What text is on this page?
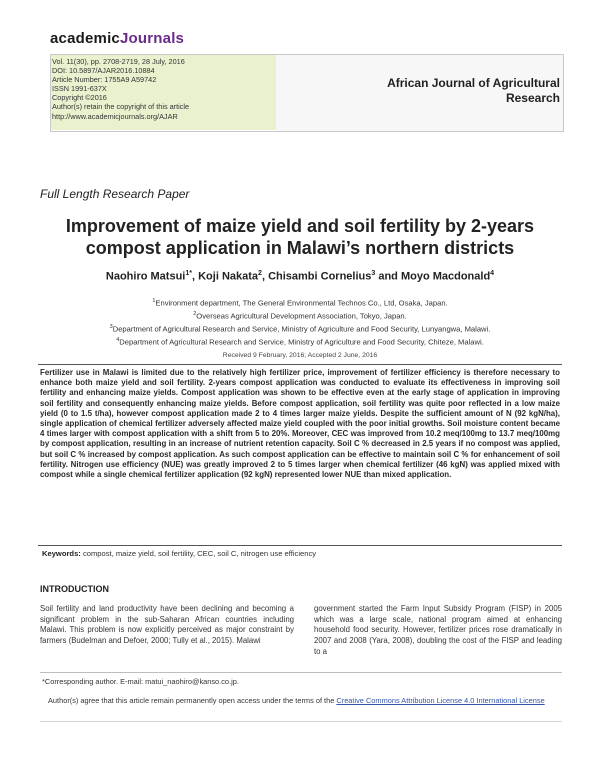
academicJournals
Vol. 11(30), pp. 2708-2719, 28 July, 2016
DOI: 10.5897/AJAR2016.10884
Article Number: 1755A9 A59742
ISSN 1991-637X
Copyright ©2016
Author(s) retain the copyright of this article
http://www.academicjournals.org/AJAR
African Journal of Agricultural
Research
Full Length Research Paper
Improvement of maize yield and soil fertility by 2-years
compost application in Malawi’s northern districts
Naohiro Matsui$^{1*}$, Koji Nakata$^2$, Chisambi Cornelius$^3$ and Moyo Macdonald$^4$
$^1$Environment department, The General Environmental Technos Co., Ltd, Osaka, Japan.
$^2$Overseas Agricultural Development Association, Tokyo, Japan.
$^3$Department of Agricultural Research and Service, Ministry of Agriculture and Food Security, Lunyangwa, Malawi.
$^4$Department of Agricultural Research and Service, Ministry of Agriculture and Food Security, Chiteze, Malawi.
Received 9 February, 2016; Accepted 2 June, 2016
Fertilizer use in Malawi is limited due to the relatively high fertilizer price, improvement of fertilizer efficiency is therefore necessary to enhance both maize yield and soil fertility. 2-years compost application was conducted to evaluate its effectiveness in improving soil fertility and enhancing maize yields. Compost application was shown to be effective even at the early stage of application in improving soil fertility and consequently enhancing maize yields. Before compost application, soil fertility was quite poor reflected in a low maize yield (0 to 1.5 t/ha), however compost application made 2 to 4 times larger maize yields. Despite the sufficient amount of N (92 kgN/ha), single application of chemical fertilizer adversely affected maize yield coupled with the poor initial growths. Soil moisture content became 4 times larger with compost application with a shift from 5 to 20%. Moreover, CEC was improved from 10.2 meq/100mg to 13.7 meq/100mg by compost application, resulting in an increase of nutrient retention capacity. Soil C % decreased in 2.5 years if no compost was applied, but soil C % increased by compost application. As such compost application can be effective to maintain soil C % for enhancement of soil fertility. Nitrogen use efficiency (NUE) was greatly improved 2 to 5 times larger when chemical fertilizer (46 kgN) was applied mixed with compost while a single chemical fertilizer application (92 kgN) represented lower NUE than mixed application.
Keywords: compost, maize yield, soil fertility, CEC, soil C, nitrogen use efficiency
INTRODUCTION
Soil fertility and land productivity have been declining and becoming a significant problem in the sub-Saharan African countries including Malawi. This problem is now explicitly perceived as major constraint by farmers (Budelman and Defoer, 2000; Tully et al., 2015). Malawi
government started the Farm Input Subsidy Program (FISP) in 2005 which was a large scale, national program aimed at enhancing household food security. However, fertilizer prices rose dramatically in 2007 and 2008 (Yara, 2008), doubling the cost of the FISP and leading to a
*Corresponding author. E-mail: matui_naohiro@kanso.co.jp.
Author(s) agree that this article remain permanently open access under the terms of the Creative Commons Attribution License 4.0 International License
